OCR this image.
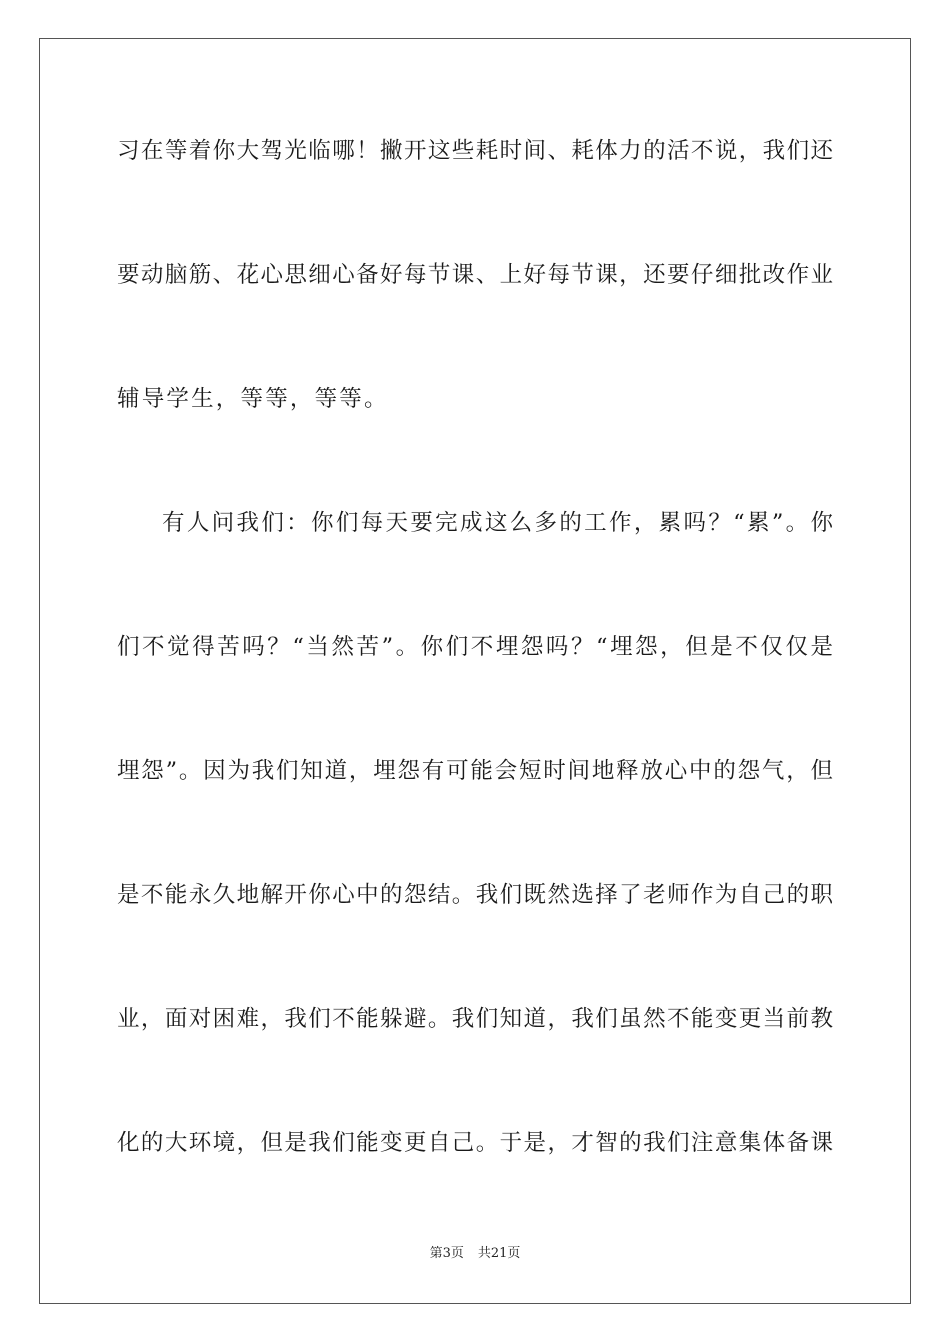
习在等着你大驾光临哪！撇开这些耗时间、耗体力的活不说，我们还
要动脑筋、花心思细心备好每节课、上好每节课，还要仔细批改作业
辅导学生，等等，等等。
有人问我们：你们每天要完成这么多的工作，累吗？“累”。你
们不觉得苦吗？“当然苦”。你们不埋怨吗？“埋怨，但是不仅仅是
埋怨”。因为我们知道，埋怨有可能会短时间地释放心中的怨气，但
是不能永久地解开你心中的怨结。我们既然选择了老师作为自己的职
业，面对困难，我们不能躲避。我们知道，我们虽然不能变更当前教
化的大环境，但是我们能变更自己。于是，才智的我们注意集体备课
第3页 共21页
